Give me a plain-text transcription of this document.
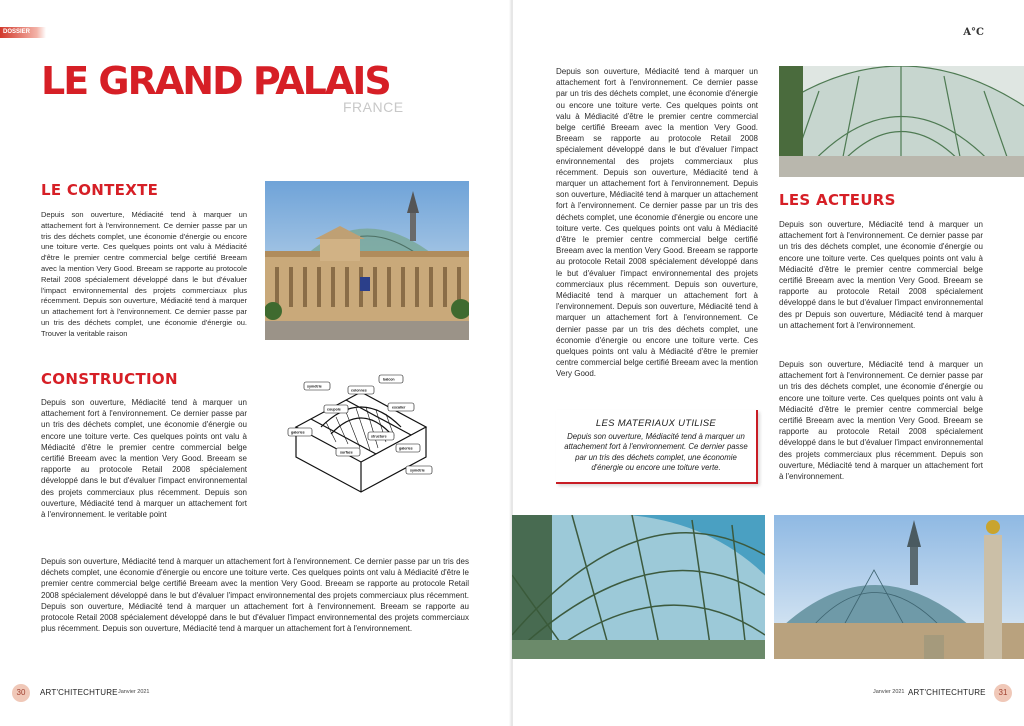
DOSSIER
LE GRAND PALAIS
FRANCE
LE CONTEXTE

Depuis son ouverture, Médiacité tend à marquer un attachement fort à l'environnement. Ce dernier passe par un tris des déchets complet, une économie d'énergie ou encore une toiture verte. Ces quelques points ont valu à Médiacité d'être le premier centre commercial belge certifié Breeam avec la mention Very Good. Breeam se rapporte au protocole Retail 2008 spécialement développé dans le but d'évaluer l'impact environnemental des projets commerciaux plus récemment. Depuis son ouverture, Médiacité tend à marquer un attachement fort à l'environnement. Ce dernier passe par un tris des déchets complet, une économie d'énergie ou. Trouver la veritable raison

CONSTRUCTION

Depuis son ouverture, Médiacité tend à marquer un attachement fort à l'environnement. Ce dernier passe par un tris des déchets complet, une économie d'énergie ou encore une toiture verte. Ces quelques points ont valu à Médiacité d'être le premier centre commercial belge certifié Breeam avec la mention Very Good. Breeam se rapporte au protocole Retail 2008 spécialement développé dans le but d'évaluer l'impact environnemental des projets commerciaux plus récemment. Depuis son ouverture, Médiacité tend à marquer un attachement fort à l'environnement. le veritable point

symétrie
balcon
colonnes
coupole	escalier
galeries
structure
surface
galeries
symétrie

Depuis son ouverture, Médiacité tend à marquer un attachement fort à l'environnement. Ce dernier passe par un tris des déchets complet, une économie d'énergie ou encore une toiture verte. Ces quelques points ont valu à Médiacité d'être le premier centre commercial belge certifié Breeam avec la mention Very Good. Breeam se rapporte au protocole Retail 2008 spécialement développé dans le but d'évaluer l'impact environnemental des projets commerciaux plus récemment. Depuis son ouverture, Médiacité tend à marquer un attachement fort à l'environnement. Breeam se rapporte au protocole Retail 2008 spécialement développé dans le but d'évaluer l'impact environnemental des projets commerciaux plus récemment. Depuis son ouverture, Médiacité tend à marquer un attachement fort à l'environnement.

30	ART'CHITECHTURE Janvier 2021
A°C

Depuis son ouverture, Médiacité tend à marquer un attachement fort à l'environnement. Ce dernier passe par un tris des déchets complet, une économie d'énergie ou encore une toiture verte. Ces quelques points ont valu à Médiacité d'être le premier centre commercial belge certifié Breeam avec la mention Very Good. Breeam se rapporte au protocole Retail 2008 spécialement développé dans le but d'évaluer l'impact environnemental des projets commerciaux plus récemment. Depuis son ouverture, Médiacité tend à marquer un attachement fort à l'environnement. Depuis son ouverture, Médiacité tend à marquer un attachement fort à l'environnement. Ce dernier passe par un tris des déchets complet, une économie d'énergie ou encore une toiture verte. Ces quelques points ont valu à Médiacité d'être le premier centre commercial belge certifié Breeam avec la mention Very Good. Breeam se rapporte au protocole Retail 2008 spécialement développé dans le but d'évaluer l'impact environnemental des projets commerciaux plus récemment. Depuis son ouverture, Médiacité tend à marquer un attachement fort à l'environnement. Depuis son ouverture, Médiacité tend à marquer un attachement fort à l'environnement. Ce dernier passe par un tris des déchets complet, une économie d'énergie ou encore une toiture verte. Ces quelques points ont valu à Médiacité d'être le premier centre commercial belge certifié Breeam avec la mention Very Good.

LES ACTEURS

Depuis son ouverture, Médiacité tend à marquer un attachement fort à l'environnement. Ce dernier passe par un tris des déchets complet, une économie d'énergie ou encore une toiture verte. Ces quelques points ont valu à Médiacité d'être le premier centre commercial belge certifié Breeam avec la mention Very Good. Breeam se rapporte au protocole Retail 2008 spécialement développé dans le but d'évaluer l'impact environnemental des pr Depuis son ouverture, Médiacité tend à marquer un attachement fort à l'environnement.

Depuis son ouverture, Médiacité tend à marquer un attachement fort à l'environnement. Ce dernier passe par un tris des déchets complet, une économie d'énergie ou encore une toiture verte. Ces quelques points ont valu à Médiacité d'être le premier centre commercial belge certifié Breeam avec la mention Very Good. Breeam se rapporte au protocole Retail 2008 spécialement développé dans le but d'évaluer l'impact environnemental des projets commerciaux plus récemment. Depuis son ouverture, Médiacité tend à marquer un attachement fort à l'environnement.

LES MATERIAUX UTILISE
Depuis son ouverture, Médiacité tend à marquer un attachement fort à l'environnement. Ce dernier passe par un tris des déchets complet, une économie d'énergie ou encore une toiture verte.
Janvier 2021 ART'CHITECHTURE	31
